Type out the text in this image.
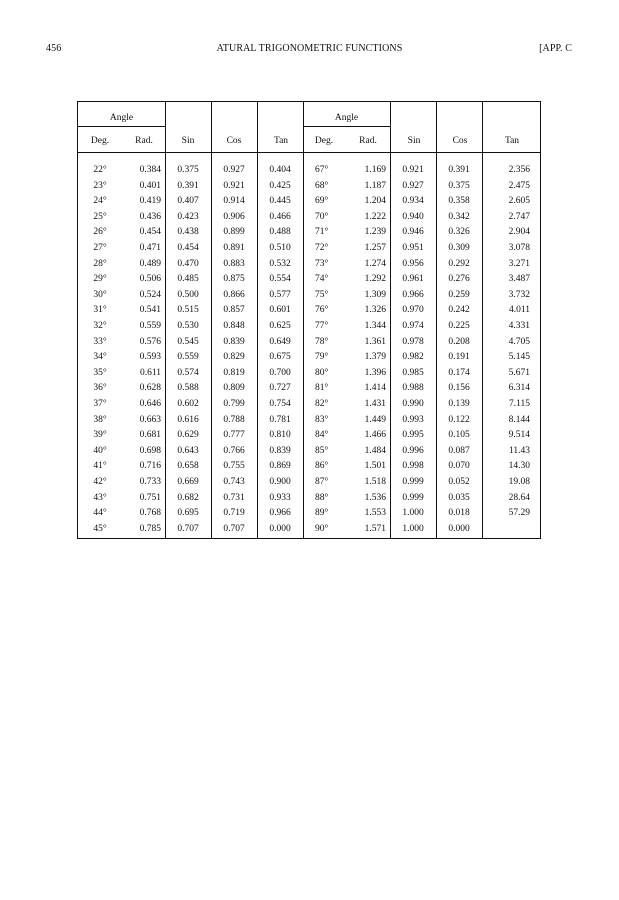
456	ATURAL TRIGONOMETRIC FUNCTIONS	[APP. C
Angle	Angle
Deg.	Rad.	Sin	Cos	Tan	Deg.	Rad.	Sin	Cos	Tan
22°	0.384	0.375	0.927	0.404	67°	1.169	0.921	0.391	2.356
23°	0.401	0.391	0.921	0.425	68°	1.187	0.927	0.375	2.475
24°	0.419	0.407	0.914	0.445	69°	1.204	0.934	0.358	2.605
25°	0.436	0.423	0.906	0.466	70°	1.222	0.940	0.342	2.747
26°	0.454	0.438	0.899	0.488	71°	1.239	0.946	0.326	2.904
27°	0.471	0.454	0.891	0.510	72°	1.257	0.951	0.309	3.078
28°	0.489	0.470	0.883	0.532	73°	1.274	0.956	0.292	3.271
29°	0.506	0.485	0.875	0.554	74°	1.292	0.961	0.276	3.487
30°	0.524	0.500	0.866	0.577	75°	1.309	0.966	0.259	3.732
31°	0.541	0.515	0.857	0.601	76°	1.326	0.970	0.242	4.011
32°	0.559	0.530	0.848	0.625	77°	1.344	0.974	0.225	4.331
33°	0.576	0.545	0.839	0.649	78°	1.361	0.978	0.208	4.705
34°	0.593	0.559	0.829	0.675	79°	1.379	0.982	0.191	5.145
35°	0.611	0.574	0.819	0.700	80°	1.396	0.985	0.174	5.671
36°	0.628	0.588	0.809	0.727	81°	1.414	0.988	0.156	6.314
37°	0.646	0.602	0.799	0.754	82°	1.431	0.990	0.139	7.115
38°	0.663	0.616	0.788	0.781	83°	1.449	0.993	0.122	8.144
39°	0.681	0.629	0.777	0.810	84°	1.466	0.995	0.105	9.514
40°	0.698	0.643	0.766	0.839	85°	1.484	0.996	0.087	11.43
41°	0.716	0.658	0.755	0.869	86°	1.501	0.998	0.070	14.30
42°	0.733	0.669	0.743	0.900	87°	1.518	0.999	0.052	19.08
43°	0.751	0.682	0.731	0.933	88°	1.536	0.999	0.035	28.64
44°	0.768	0.695	0.719	0.966	89°	1.553	1.000	0.018	57.29
45°	0.785	0.707	0.707	0.000	90°	1.571	1.000	0.000
